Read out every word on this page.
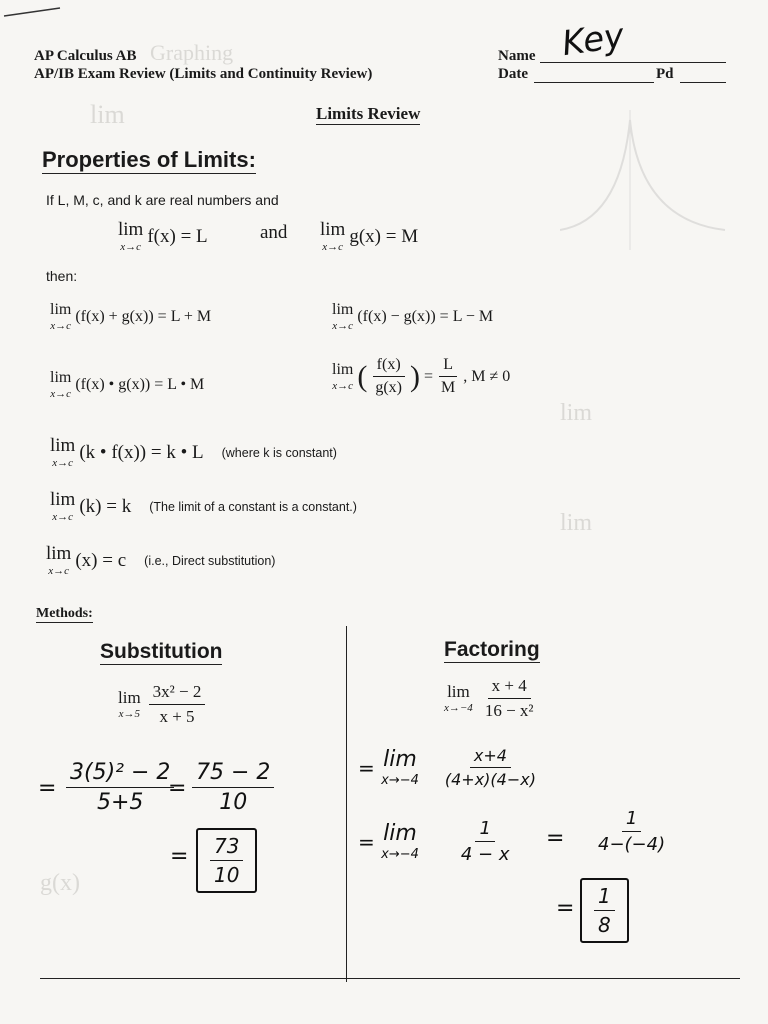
Graphing
lim
lim
lim
g(x)
AP Calculus AB
AP/IB Exam Review (Limits and Continuity Review)
Name Key
Date	Pd
Limits Review
Properties of Limits:
If L, M, c, and k are real numbers and
lim
x→c
f(x) = L	and lim
x→c
g(x) = M
then:
lim
x→c
(f(x) + g(x)) = L + M	lim
x→c
(f(x) − g(x)) = L − M
lim
x→c
(f(x) • g(x)) = L • M
lim
x→c ( $\frac{f(x)}{g(x)}$ ) = $\frac{L}{M}$ , M ≠ 0
lim
x→c
(k • f(x)) = k • L (where k is constant)
lim
x→c
(k) = k (The limit of a constant is a constant.)
lim
x→c
(x) = c (i.e., Direct substitution)
Methods:
Substitution
lim
$x\to 5 \frac{\text{3x² − 2}}{x + 5}$
= $\frac{\text{3(5)² − 2}}{5+5}$
= $\frac{75 - 2}{10}$
= $\frac{73}{10}$
Factoring
lim
$x\to-4 \frac{x + 4}{\text{16 − x²}}$
=
lim
$x\to-4 \frac{x+4}{(4+x)(4-x)}$
=
lim
$x\to-4 \frac{1}{4 - x} = \frac{1}{4-(-4)}$
= $\frac{1}{8}$
